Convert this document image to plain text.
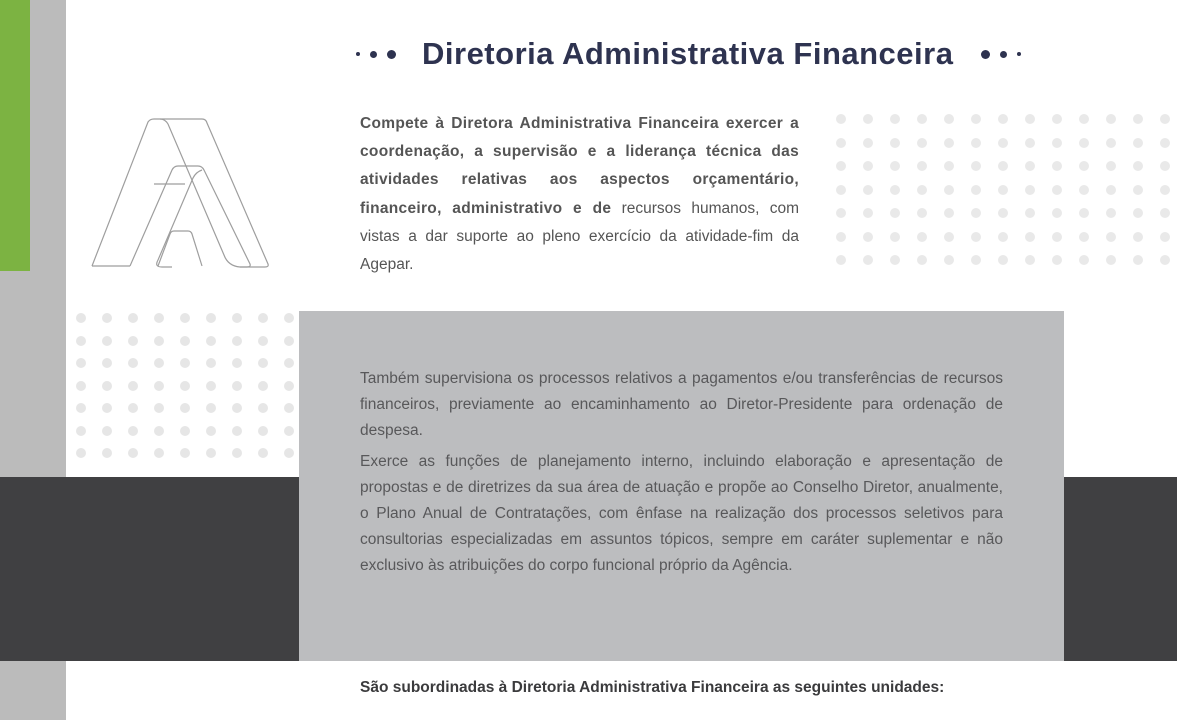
Diretoria Administrativa Financeira
Compete à Diretora Administrativa Financeira exercer a coordenação, a supervisão e a liderança técnica das atividades relativas aos aspectos orçamentário, financeiro, administrativo e de recursos humanos, com vistas a dar suporte ao pleno exercício da atividade-fim da Agepar.

Também supervisiona os processos relativos a pagamentos e/ou transferências de recursos financeiros, previamente ao encaminhamento ao Diretor-Presidente para ordenação de despesa.

Exerce as funções de planejamento interno, incluindo elaboração e apresentação de propostas e de diretrizes da sua área de atuação e propõe ao Conselho Diretor, anualmente, o Plano Anual de Contratações, com ênfase na realização dos processos seletivos para consultorias especializadas em assuntos tópicos, sempre em caráter suplementar e não exclusivo às atribuições do corpo funcional próprio da Agência.

São subordinadas à Diretoria Administrativa Financeira as seguintes unidades:
